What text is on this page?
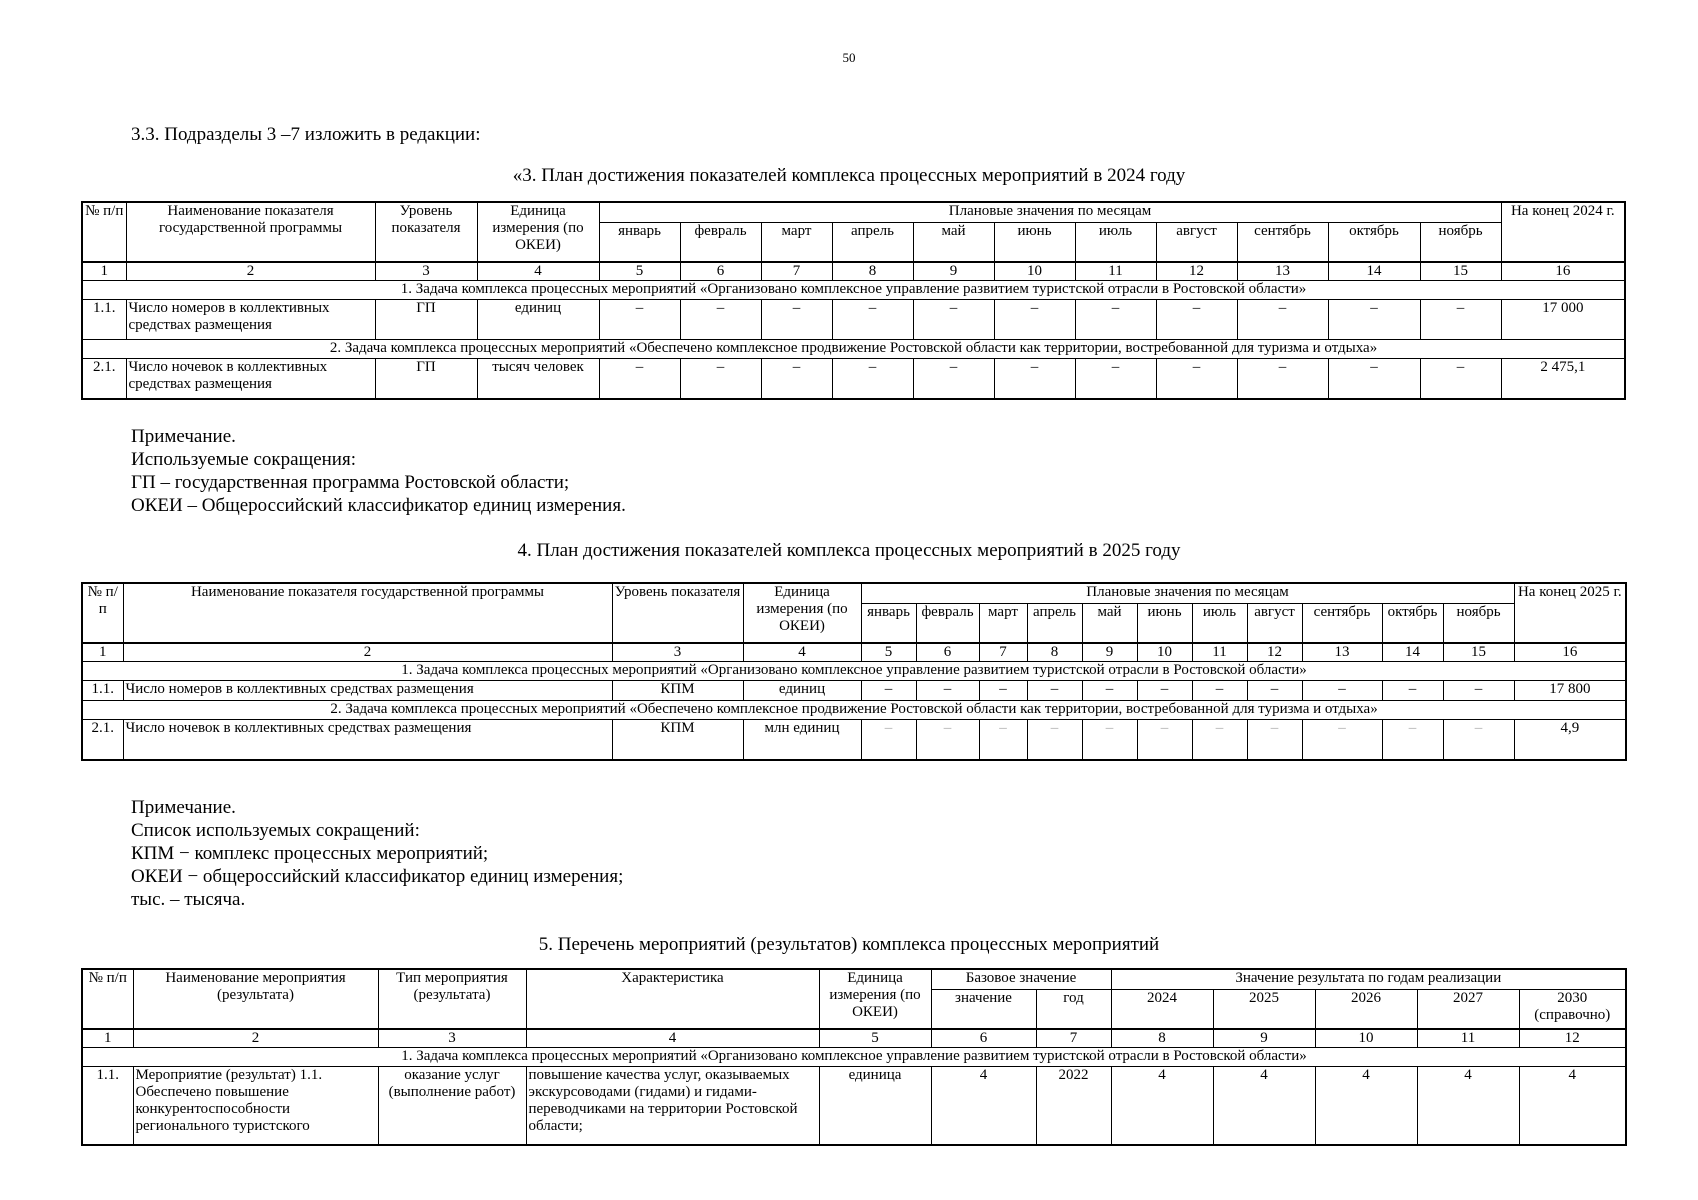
50
3.3. Подразделы 3 –7 изложить в редакции:
«3. План достижения показателей комплекса процессных мероприятий в 2024 году
№ п/п	Наименование показателя государственной программы	Уровень показателя	Единица измерения (по ОКЕИ)	Плановые значения по месяцам											На конец 2024 г.
				январь	февраль	март	апрель	май	июнь	июль	август	сентябрь	октябрь	ноябрь	
1	2	3	4	5	6	7	8	9	10	11	12	13	14	15	16
1. Задача комплекса процессных мероприятий «Организовано комплексное управление развитием туристской отрасли в Ростовской области»															
1.1.	Число номеров в коллективных средствах размещения	ГП	единиц	–	–	–	–	–	–	–	–	–	–	–	17 000
2. Задача комплекса процессных мероприятий «Обеспечено комплексное продвижение Ростовской области как территории, востребованной для туризма и отдыха»															
2.1.	Число ночевок в коллективных средствах размещения	ГП	тысяч человек	–	–	–	–	–	–	–	–	–	–	–	2 475,1
Примечание.
Используемые сокращения:
ГП – государственная программа Ростовской области;
ОКЕИ – Общероссийский классификатор единиц измерения.
4. План достижения показателей комплекса процессных мероприятий в 2025 году
№ п/п	Наименование показателя государственной программы	Уровень показателя	Единица измерения (по ОКЕИ)	Плановые значения по месяцам											На конец 2025 г.
				январь	февраль	март	апрель	май	июнь	июль	август	сентябрь	октябрь	ноябрь	
1	2	3	4	5	6	7	8	9	10	11	12	13	14	15	16
1. Задача комплекса процессных мероприятий «Организовано комплексное управление развитием туристской отрасли в Ростовской области»															
1.1.	Число номеров в коллективных средствах размещения	КПМ	единиц	–	–	–	–	–	–	–	–	–	–	–	17 800
2. Задача комплекса процессных мероприятий «Обеспечено комплексное продвижение Ростовской области как территории, востребованной для туризма и отдыха»															
2.1.	Число ночевок в коллективных средствах размещения	КПМ	млн единиц	–	–	–	–	–	–	–	–	–	–	–	4,9
Примечание.
Список используемых сокращений:
КПМ − комплекс процессных мероприятий;
ОКЕИ − общероссийский классификатор единиц измерения;
тыс. – тысяча.
5. Перечень мероприятий (результатов) комплекса процессных мероприятий
№ п/п	Наименование мероприятия (результата)	Тип мероприятия (результата)	Характеристика	Единица измерения (по ОКЕИ)	Базовое значение		Значение результата по годам реализации				
					значение	год	2024	2025	2026	2027	2030 (справочно)
1	2	3	4	5	6	7	8	9	10	11	12
1. Задача комплекса процессных мероприятий «Организовано комплексное управление развитием туристской отрасли в Ростовской области»											
1.1.	Мероприятие (результат) 1.1. Обеспечено повышение конкурентоспособности регионального туристского	оказание услуг (выполнение работ)	повышение качества услуг, оказываемых экскурсоводами (гидами) и гидами-переводчиками на территории Ростовской области;	единица	4	2022	4	4	4	4	4
